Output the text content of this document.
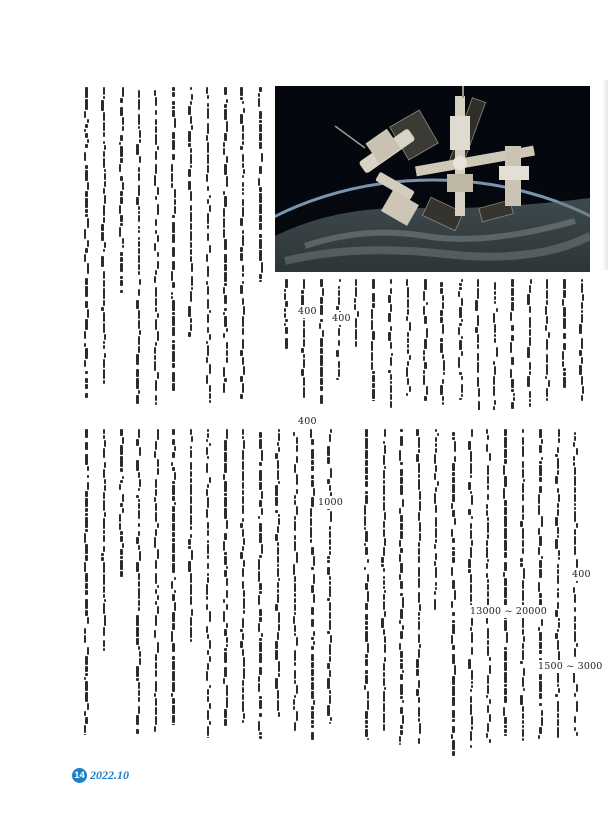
400
400
400
1000
400
13000 ~ 20000
1500 ~ 3000
14 2022.10
